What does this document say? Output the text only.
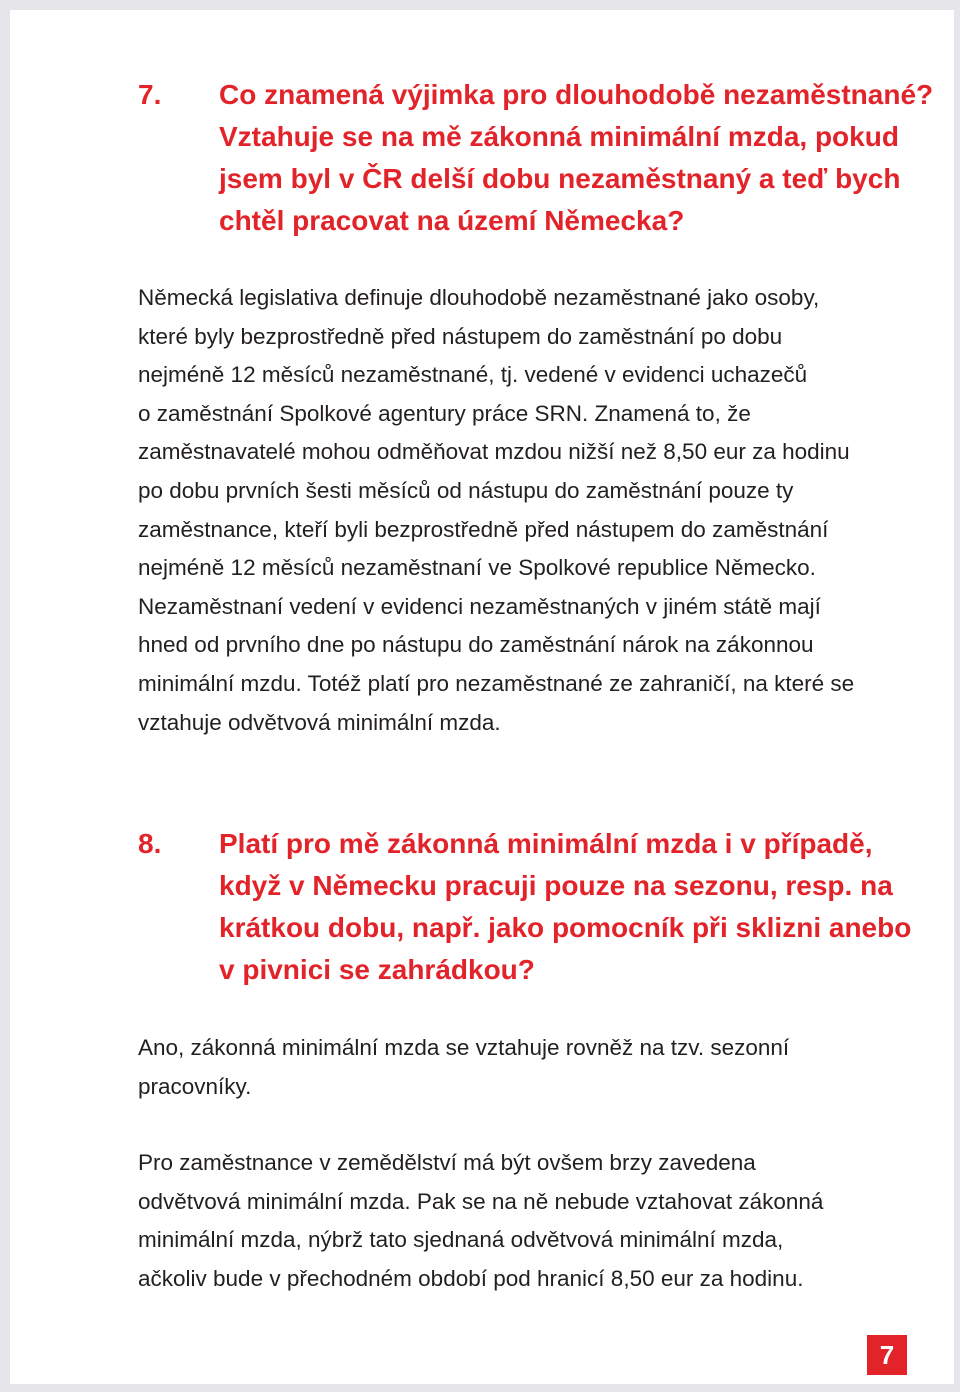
7.	Co znamená výjimka pro dlouhodobě nezaměstnané?
Vztahuje se na mě zákonná minimální mzda, pokud
jsem byl v ČR delší dobu nezaměstnaný a teď bych
chtěl pracovat na území Německa?

Německá legislativa definuje dlouhodobě nezaměstnané jako osoby,
které byly bezprostředně před nástupem do zaměstnání po dobu
nejméně 12 měsíců nezaměstnané, tj. vedené v evidenci uchazečů
o zaměstnání Spolkové agentury práce SRN. Znamená to, že
zaměstnavatelé mohou odměňovat mzdou nižší než 8,50 eur za hodinu
po dobu prvních šesti měsíců od nástupu do zaměstnání pouze ty
zaměstnance, kteří byli bezprostředně před nástupem do zaměstnání
nejméně 12 měsíců nezaměstnaní ve Spolkové republice Německo.
Nezaměstnaní vedení v evidenci nezaměstnaných v jiném státě mají
hned od prvního dne po nástupu do zaměstnání nárok na zákonnou
minimální mzdu. Totéž platí pro nezaměstnané ze zahraničí, na které se
vztahuje odvětvová minimální mzda.

8.	Platí pro mě zákonná minimální mzda i v případě,
když v Německu pracuji pouze na sezonu, resp. na
krátkou dobu, např. jako pomocník při sklizni anebo
v pivnici se zahrádkou?

Ano, zákonná minimální mzda se vztahuje rovněž na tzv. sezonní
pracovníky.

Pro zaměstnance v zemědělství má být ovšem brzy zavedena
odvětvová minimální mzda. Pak se na ně nebude vztahovat zákonná
minimální mzda, nýbrž tato sjednaná odvětvová minimální mzda,
ačkoliv bude v přechodném období pod hranicí 8,50 eur za hodinu.

7
